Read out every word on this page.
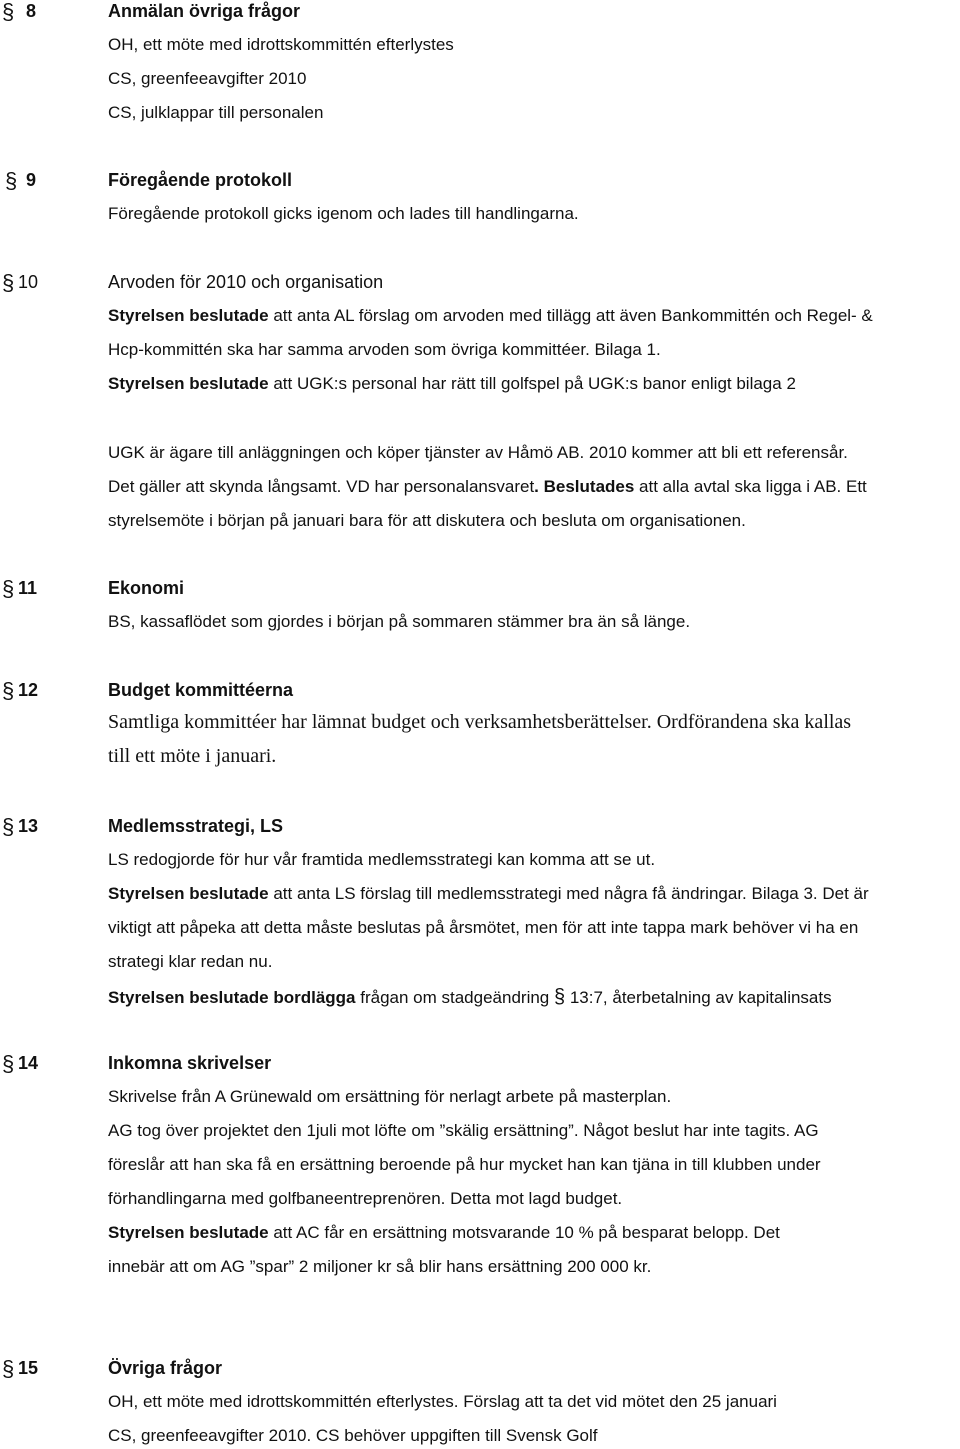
§ 8	Anmälan övriga frågor
OH, ett möte med idrottskommittén efterlystes
CS, greenfeeavgifter 2010
CS, julklappar till personalen
§ 9	Föregående protokoll
Föregående protokoll gicks igenom och lades till handlingarna.
§ 10	Arvoden för 2010 och organisation
Styrelsen beslutade att anta AL förslag om arvoden med tillägg att även Bankommittén och Regel- &
Hcp-kommittén ska har samma arvoden som övriga kommittéer. Bilaga 1.
Styrelsen beslutade att UGK:s personal har rätt till golfspel på UGK:s banor enligt bilaga 2
UGK är ägare till anläggningen och köper tjänster av Håmö AB. 2010 kommer att bli ett referensår.
Det gäller att skynda långsamt. VD har personalansvaret. Beslutades att alla avtal ska ligga i AB. Ett
styrelsemöte i början på januari bara för att diskutera och besluta om organisationen.
§ 11	Ekonomi
BS, kassaflödet som gjordes i början på sommaren stämmer bra än så länge.
§ 12	Budget kommittéerna
Samtliga kommittéer har lämnat budget och verksamhetsberättelser. Ordförandena ska kallas
till ett möte i januari.
§ 13	Medlemsstrategi, LS
LS redogjorde för hur vår framtida medlemsstrategi kan komma att se ut.
Styrelsen beslutade att anta LS förslag till medlemsstrategi med några få ändringar. Bilaga 3. Det är
viktigt att påpeka att detta måste beslutas på årsmötet, men för att inte tappa mark behöver vi ha en
strategi klar redan nu.
Styrelsen beslutade bordlägga frågan om stadgeändring § 13:7, återbetalning av kapitalinsats
§ 14	Inkomna skrivelser
Skrivelse från A Grünewald om ersättning för nerlagt arbete på masterplan.
AG tog över projektet den 1juli mot löfte om ”skälig ersättning”. Något beslut har inte tagits. AG
föreslår att han ska få en ersättning beroende på hur mycket han kan tjäna in till klubben under
förhandlingarna med golfbaneentreprenören. Detta mot lagd budget.
Styrelsen beslutade att AC får en ersättning motsvarande 10 % på besparat belopp. Det
innebär att om AG ”spar” 2 miljoner kr så blir hans ersättning 200 000 kr.
§ 15	Övriga frågor
OH, ett möte med idrottskommittén efterlystes. Förslag att ta det vid mötet den 25 januari
CS, greenfeeavgifter 2010. CS behöver uppgiften till Svensk Golf
